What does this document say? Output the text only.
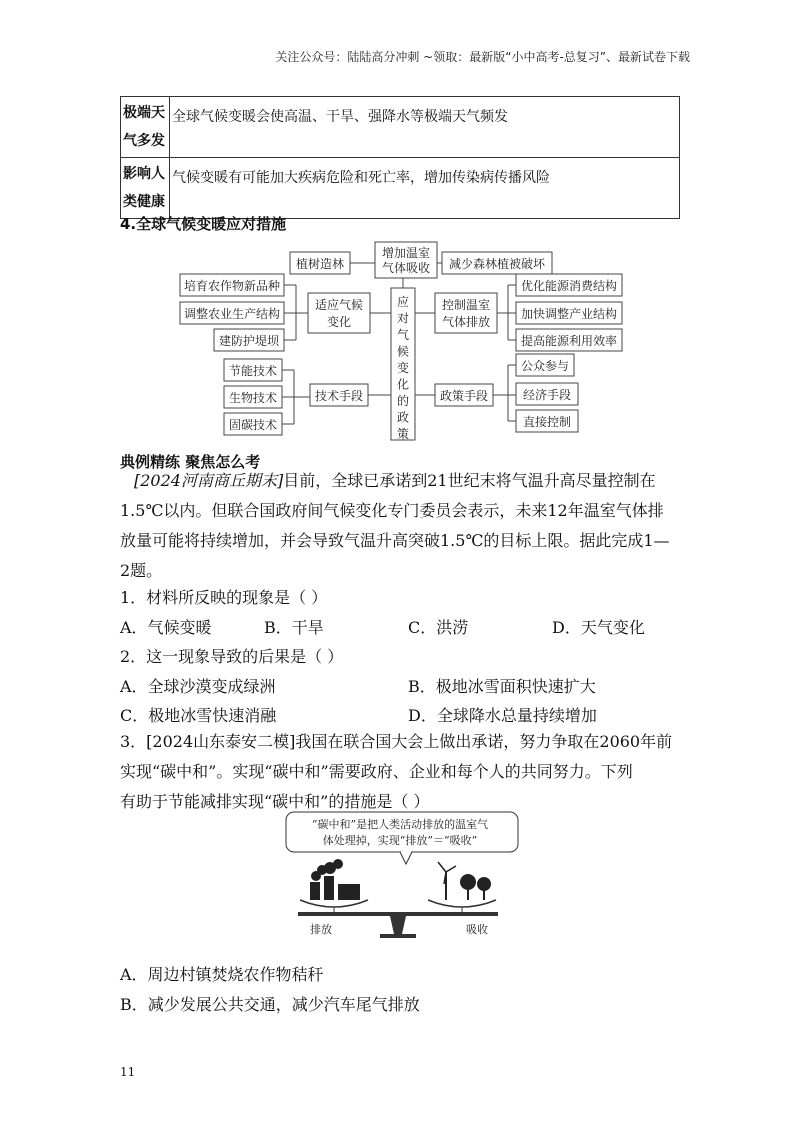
关注公众号：陆陆高分冲刺 ~领取：最新版“小中高考-总复习”、最新试卷下载
极端天气多发	全球气候变暖会使高温、干旱、强降水等极端天气频发
影响人类健康	气候变暖有可能加大疾病危险和死亡率，增加传染病传播风险
4.全球气候变暖应对措施
增加温室
气体吸收
植树造林	减少森林植被破坏
适应气候
变化
培育农作物新品种
调整农业生产结构
建防护堤坝
控制温室
气体排放
优化能源消费结构
加快调整产业结构
提高能源利用效率
技术手段
节能技术
生物技术
固碳技术
政策手段
公众参与
经济手段
直接控制
应
对
气
候
变
化
的
政
策
典例精练 聚焦怎么考
[2024河南商丘期末]目前，全球已承诺到21世纪末将气温升高尽量控制在
1.5℃以内。但联合国政府间气候变化专门委员会表示，未来12年温室气体排
放量可能将持续增加，并会导致气温升高突破1.5℃的目标上限。据此完成1—
2题。
1．材料所反映的现象是（ ）
A．气候变暖	B．干旱	C．洪涝	D．天气变化
2．这一现象导致的后果是（ ）
A．全球沙漠变成绿洲	B．极地冰雪面积快速扩大
C．极地冰雪快速消融	D．全球降水总量持续增加
3．[2024山东泰安二模]我国在联合国大会上做出承诺，努力争取在2060年前
实现“碳中和”。实现“碳中和”需要政府、企业和每个人的共同努力。下列
有助于节能减排实现“碳中和”的措施是（ ）
“碳中和”是把人类活动排放的温室气
体处理掉，实现“排放”＝“吸收”
排放	吸收
A．周边村镇焚烧农作物秸秆
B．减少发展公共交通，减少汽车尾气排放
11
